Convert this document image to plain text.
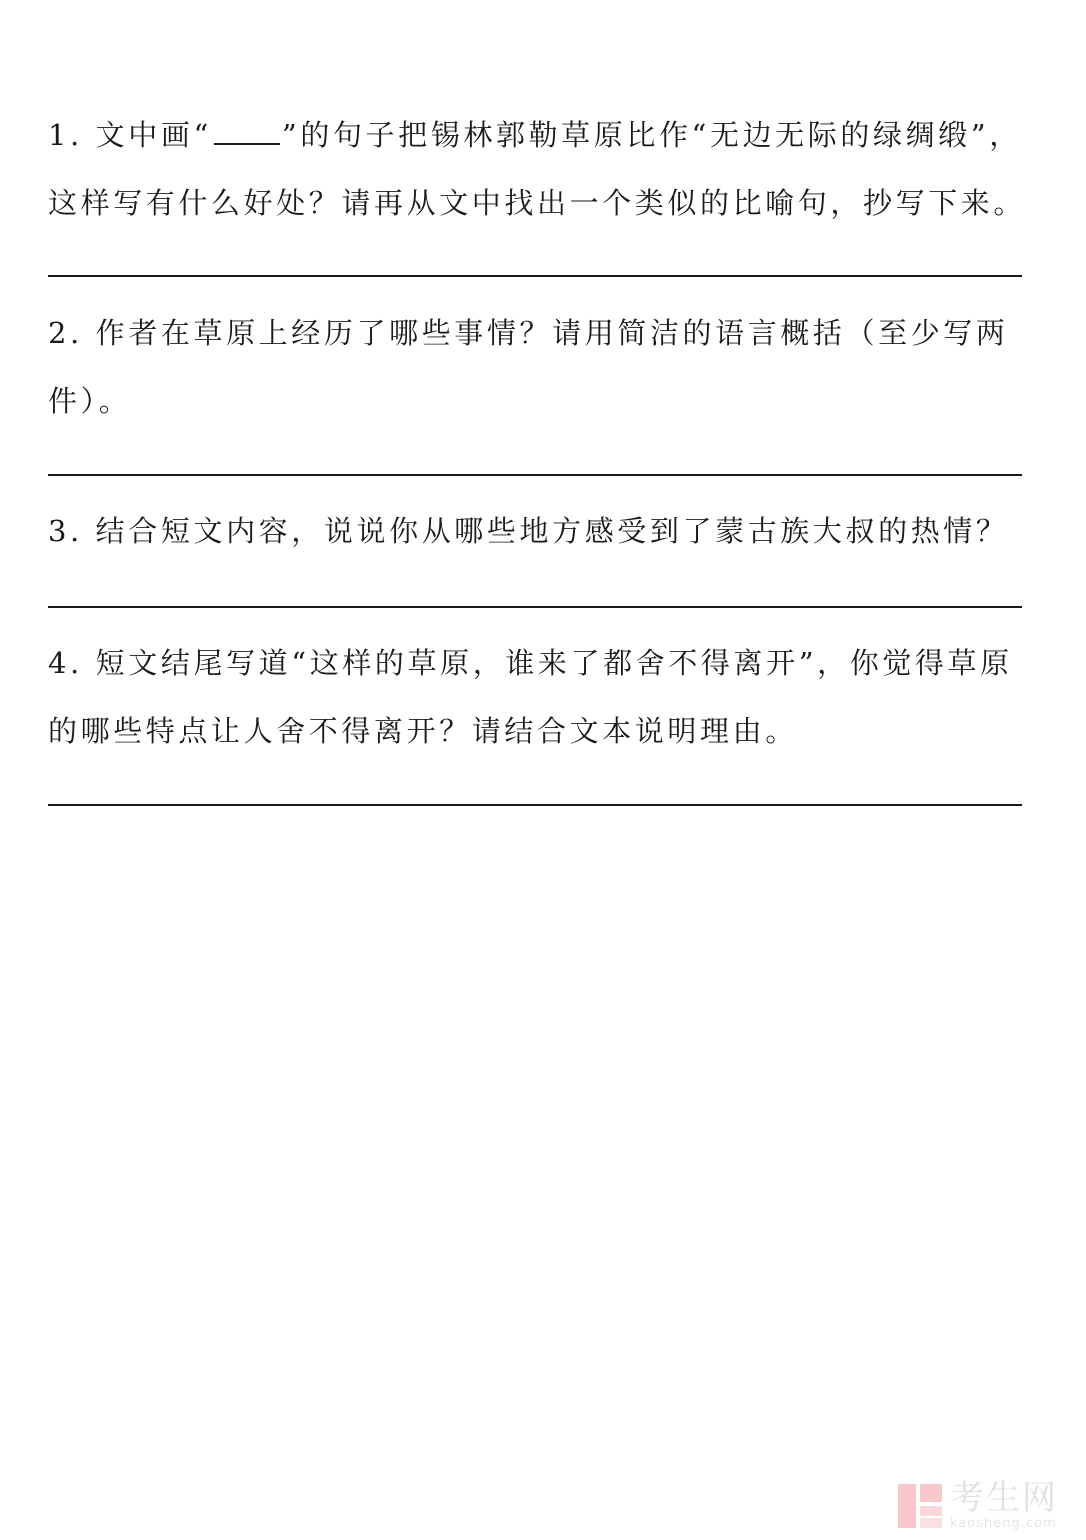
1. 文中画“ ”的句子把锡林郭勒草原比作“无边无际的绿绸缎”，
这样写有什么好处？请再从文中找出一个类似的比喻句，抄写下来。
2. 作者在草原上经历了哪些事情？请用简洁的语言概括（至少写两
件）。
3. 结合短文内容，说说你从哪些地方感受到了蒙古族大叔的热情？
4. 短文结尾写道“这样的草原，谁来了都舍不得离开”，你觉得草原
的哪些特点让人舍不得离开？请结合文本说明理由。
考生网
kaosheng.com
